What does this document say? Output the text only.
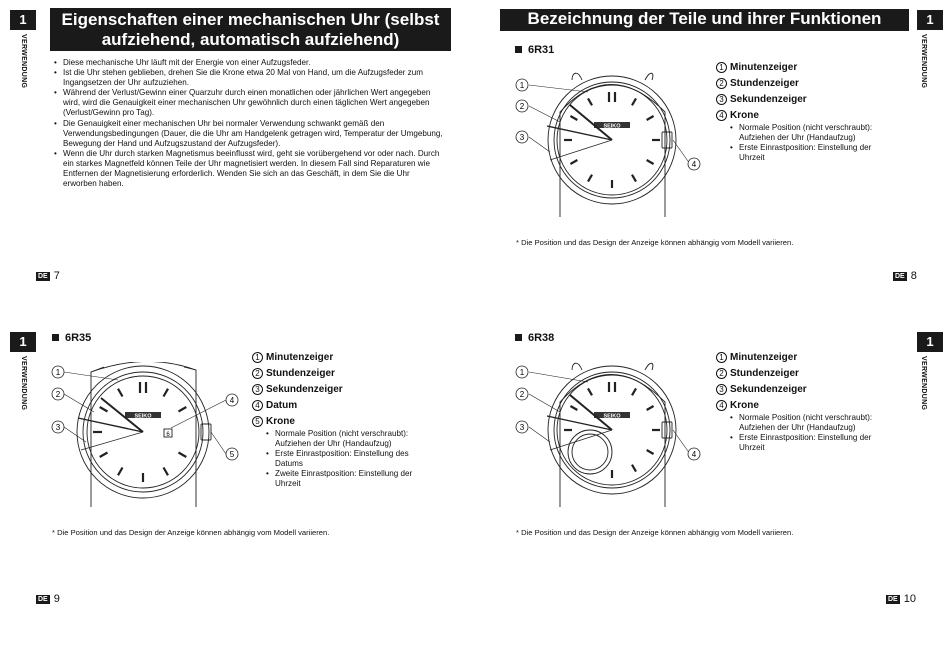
1
VERWENDUNG
Eigenschaften einer mechanischen Uhr (selbst
aufziehend, automatisch aufziehend)
• Diese mechanische Uhr läuft mit der Energie von einer Aufzugsfeder.
• Ist die Uhr stehen geblieben, drehen Sie die Krone etwa 20 Mal von Hand, um die Aufzugsfeder zum Ingangsetzen der Uhr aufzuziehen.
• Während der Verlust/Gewinn einer Quarzuhr durch einen monatlichen oder jährlichen Wert angegeben wird, wird die Genauigkeit einer mechanischen Uhr gewöhnlich durch einen täglichen Wert angegeben (Verlust/Gewinn pro Tag).
• Die Genauigkeit einer mechanischen Uhr bei normaler Verwendung schwankt gemäß den Verwendungsbedingungen (Dauer, die die Uhr am Handgelenk getragen wird, Temperatur der Umgebung, Bewegung der Hand und Aufzugszustand der Aufzugsfeder).
• Wenn die Uhr durch starken Magnetismus beeinflusst wird, geht sie vorübergehend vor oder nach. Durch ein starkes Magnetfeld können Teile der Uhr magnetisiert werden. In diesem Fall sind Reparaturen wie Entfernen der Magnetisierung erforderlich. Wenden Sie sich an das Geschäft, in dem Sie die Uhr erworben haben.
DE 7
Bezeichnung der Teile und ihrer Funktionen	1
VERWENDUNG
6R31
SEIKO
1
2
3
4
1 Minutenzeiger
2 Stundenzeiger
3 Sekundenzeiger
4 Krone
• Normale Position (nicht verschraubt): Aufziehen der Uhr (Handaufzug)
• Erste Einrastposition: Einstellung der Uhrzeit
* Die Position und das Design der Anzeige können abhängig vom Modell variieren.
DE 8
1
VERWENDUNG
6R35
SEIKO
6
1
2
3
4
5
1 Minutenzeiger
2 Stundenzeiger
3 Sekundenzeiger
4 Datum
5 Krone
• Normale Position (nicht verschraubt): Aufziehen der Uhr (Handaufzug)
• Erste Einrastposition: Einstellung des Datums
• Zweite Einrastposition: Einstellung der Uhrzeit
* Die Position und das Design der Anzeige können abhängig vom Modell variieren.
DE 9
1
VERWENDUNG
6R38
SEIKO
1
2
3
4
1 Minutenzeiger
2 Stundenzeiger
3 Sekundenzeiger
4 Krone
• Normale Position (nicht verschraubt): Aufziehen der Uhr (Handaufzug)
• Erste Einrastposition: Einstellung der Uhrzeit
* Die Position und das Design der Anzeige können abhängig vom Modell variieren.
DE 10
